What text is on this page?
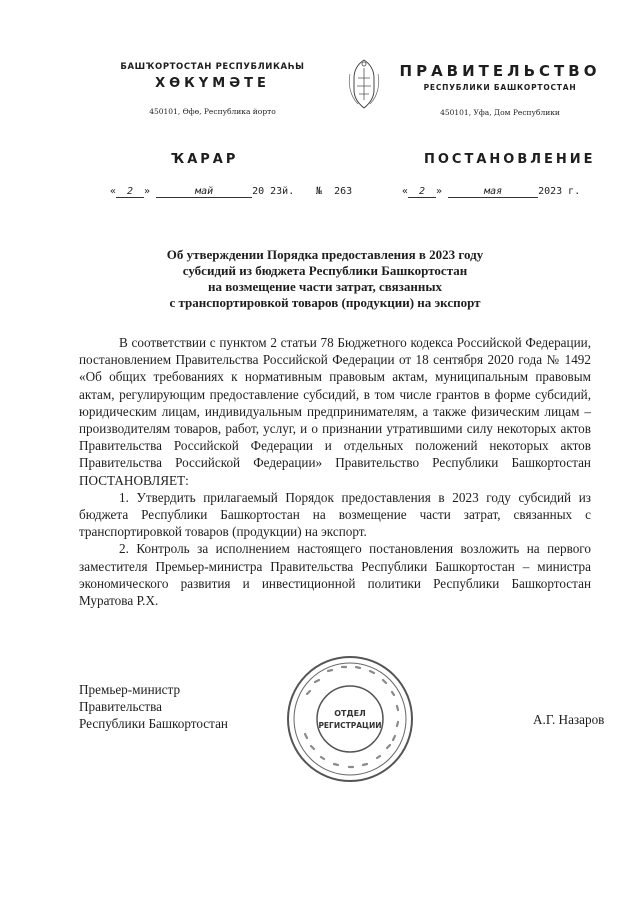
БАШҠОРТОСТАН РЕСПУБЛИКАҺЫ
ХӨКҮМӘТЕ
450101, Өфө, Республика йорто
ПРАВИТЕЛЬСТВО
РЕСПУБЛИКИ БАШКОРТОСТАН
450101, Уфа, Дом Республики
ҠАРАР	ПОСТАНОВЛЕНИЕ
« 2 »	май	20 23й. № 263	« 2 »	мая	2023 г.
Об утверждении Порядка предоставления в 2023 году
субсидий из бюджета Республики Башкортостан
на возмещение части затрат, связанных
с транспортировкой товаров (продукции) на экспорт

В соответствии с пунктом 2 статьи 78 Бюджетного кодекса Российской Федерации, постановлением Правительства Российской Федерации от 18 сентября 2020 года № 1492 «Об общих требованиях к нормативным правовым актам, муниципальным правовым актам, регулирующим предоставление субсидий, в том числе грантов в форме субсидий, юридическим лицам, индивидуальным предпринимателям, а также физическим лицам – производителям товаров, работ, услуг, и о признании утратившими силу некоторых актов Правительства Российской Федерации и отдельных положений некоторых актов Правительства Российской Федерации» Правительство Республики Башкортостан ПОСТАНОВЛЯЕТ:

1. Утвердить прилагаемый Порядок предоставления в 2023 году субсидий из бюджета Республики Башкортостан на возмещение части затрат, связанных с транспортировкой товаров (продукции) на экспорт.

2. Контроль за исполнением настоящего постановления возложить на первого заместителя Премьер-министра Правительства Республики Башкортостан – министра экономического развития и инвестиционной политики Республики Башкортостан Муратова Р.Х.

Премьер-министр
Правительства
Республики Башкортостан	А.Г. Назаров
ОТДЕЛ
РЕГИСТРАЦИИ
